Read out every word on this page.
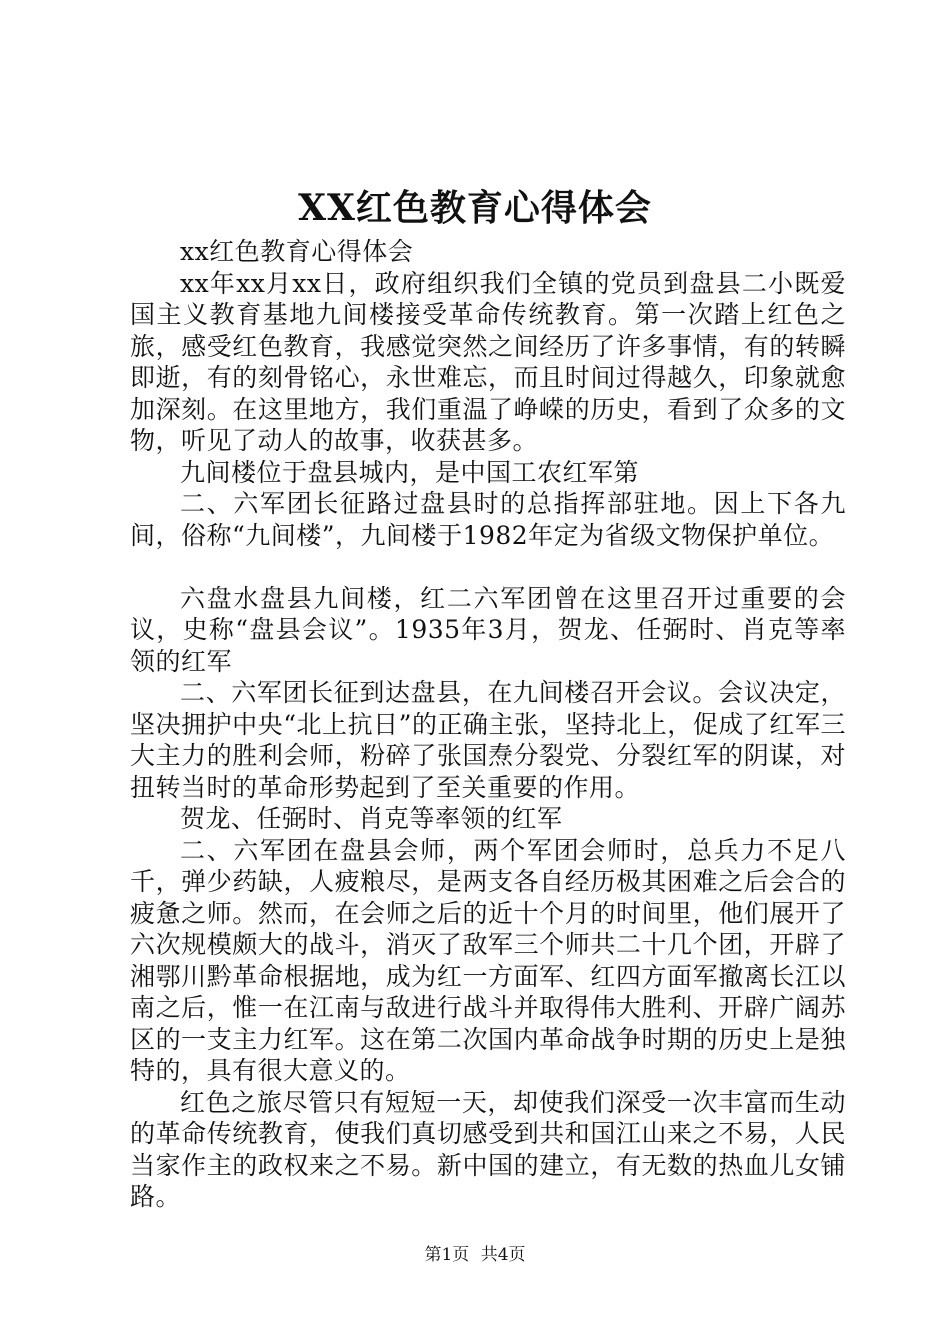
XX红色教育心得体会

xx红色教育心得体会

xx年xx月xx日，政府组织我们全镇的党员到盘县二小既爱国主义教育基地九间楼接受革命传统教育。第一次踏上红色之旅，感受红色教育，我感觉突然之间经历了许多事情，有的转瞬即逝，有的刻骨铭心，永世难忘，而且时间过得越久，印象就愈加深刻。在这里地方，我们重温了峥嵘的历史，看到了众多的文物，听见了动人的故事，收获甚多。

九间楼位于盘县城内，是中国工农红军第

二、六军团长征路过盘县时的总指挥部驻地。因上下各九间，俗称“九间楼”，九间楼于1982年定为省级文物保护单位。

六盘水盘县九间楼，红二六军团曾在这里召开过重要的会议，史称“盘县会议”。1935年3月，贺龙、任弼时、肖克等率领的红军

二、六军团长征到达盘县，在九间楼召开会议。会议决定，坚决拥护中央“北上抗日”的正确主张，坚持北上，促成了红军三大主力的胜利会师，粉碎了张国焘分裂党、分裂红军的阴谋，对扭转当时的革命形势起到了至关重要的作用。

贺龙、任弼时、肖克等率领的红军

二、六军团在盘县会师，两个军团会师时，总兵力不足八千，弹少药缺，人疲粮尽，是两支各自经历极其困难之后会合的疲惫之师。然而，在会师之后的近十个月的时间里，他们展开了六次规模颇大的战斗，消灭了敌军三个师共二十几个团，开辟了湘鄂川黔革命根据地，成为红一方面军、红四方面军撤离长江以南之后，惟一在江南与敌进行战斗并取得伟大胜利、开辟广阔苏区的一支主力红军。这在第二次国内革命战争时期的历史上是独特的，具有很大意义的。

红色之旅尽管只有短短一天，却使我们深受一次丰富而生动的革命传统教育，使我们真切感受到共和国江山来之不易，人民当家作主的政权来之不易。新中国的建立，有无数的热血儿女铺路。

第1页 共4页
